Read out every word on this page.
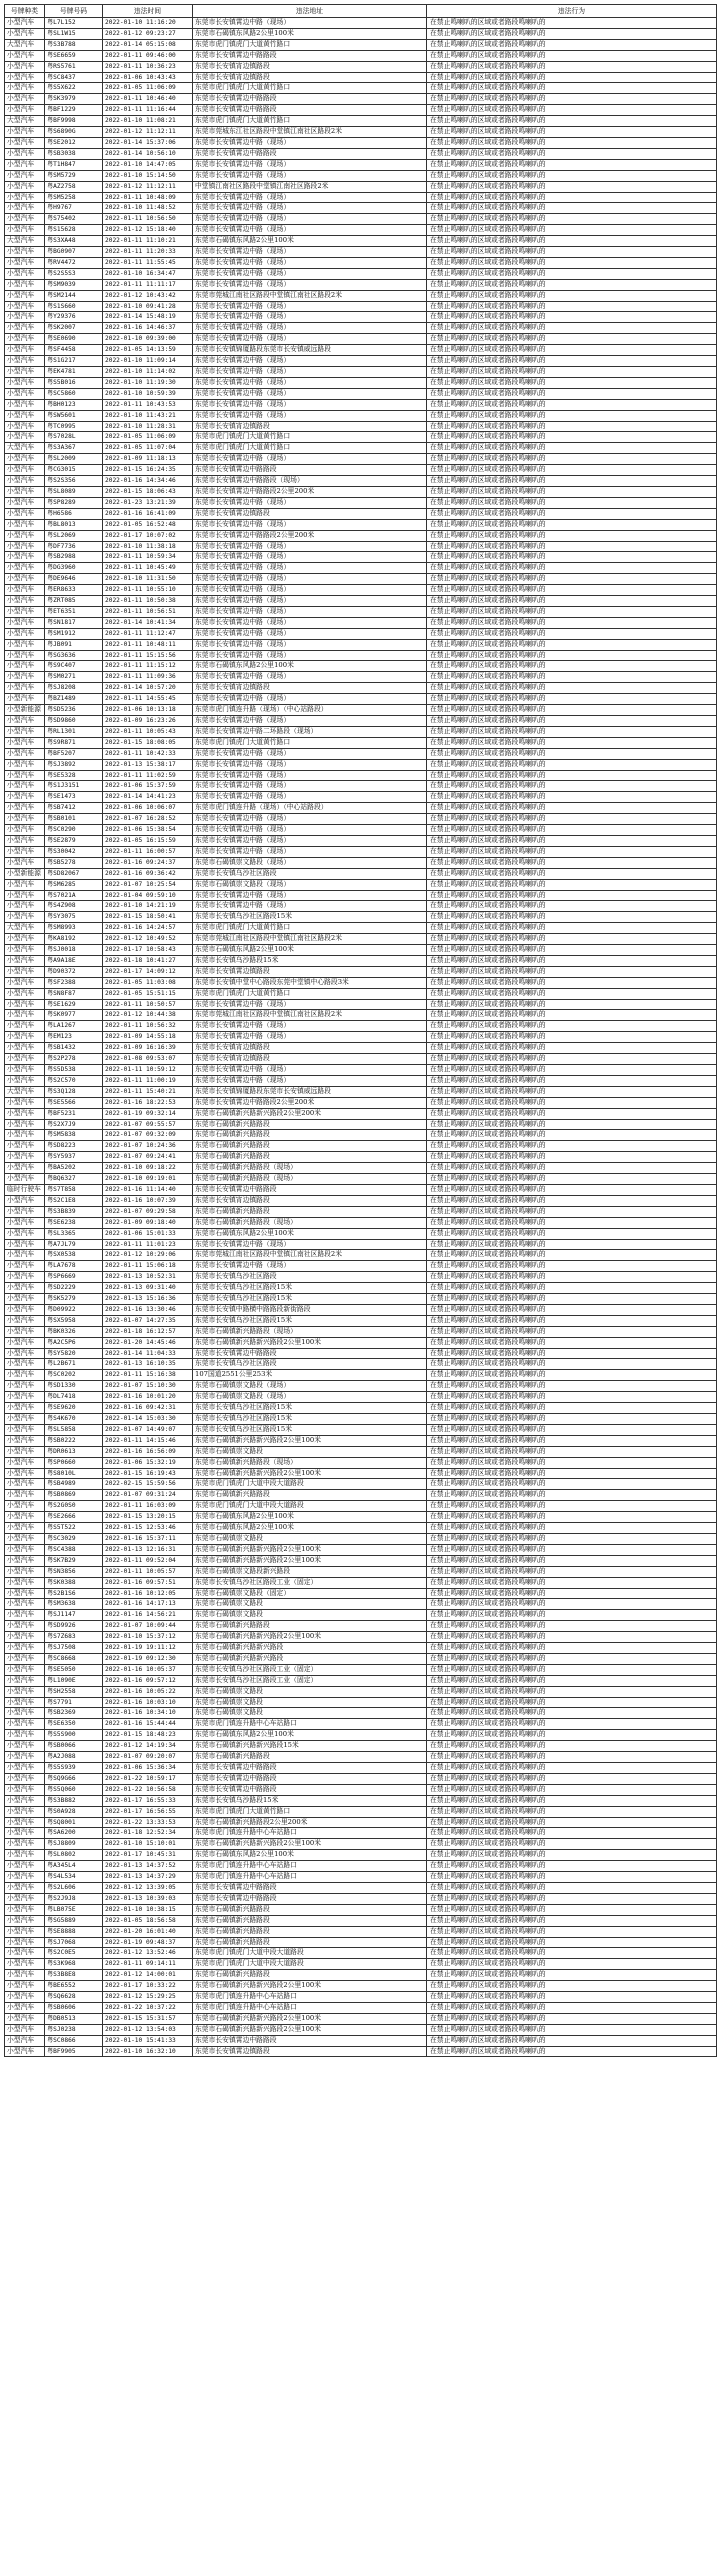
号牌种类	号牌号码	违法时间	违法地址	违法行为
小型汽车	粤L7L152	2022-01-10 11:16:20	东莞市长安镇霄边中路（现场）	在禁止鸣喇叭的区域或者路段鸣喇叭的
小型汽车	粤SL1W15	2022-01-12 09:23:27	东莞市石碣镇东风路2公里100米	在禁止鸣喇叭的区域或者路段鸣喇叭的
大型汽车	粤S3B788	2022-01-14 05:15:08	东莞市虎门镇虎门大道黄竹路口	在禁止鸣喇叭的区域或者路段鸣喇叭的
小型汽车	粤SE6659	2022-01-11 09:46:00	东莞市长安镇霄边中路路段	在禁止鸣喇叭的区域或者路段鸣喇叭的
小型汽车	粤RS5761	2022-01-11 10:36:23	东莞市长安镇宵边镇路段	在禁止鸣喇叭的区域或者路段鸣喇叭的
小型汽车	粤SC8437	2022-01-06 10:43:43	东莞市长安镇宵边镇路段	在禁止鸣喇叭的区域或者路段鸣喇叭的
小型汽车	粤S5X622	2022-01-05 11:06:09	东莞市虎门镇虎门大道黄竹路口	在禁止鸣喇叭的区域或者路段鸣喇叭的
小型汽车	粤SK3979	2022-01-11 10:46:40	东莞市长安镇霄边中路路段	在禁止鸣喇叭的区域或者路段鸣喇叭的
小型汽车	粤BF1229	2022-01-11 11:16:44	东莞市长安镇霄边中路路段	在禁止鸣喇叭的区域或者路段鸣喇叭的
大型汽车	粤BF9998	2022-01-10 11:08:21	东莞市虎门镇虎门大道黄竹路口	在禁止鸣喇叭的区域或者路段鸣喇叭的
小型汽车	粤S6890G	2022-01-12 11:12:11	东莞市莞城东江社区路段中堂镇江南社区路段2米	在禁止鸣喇叭的区域或者路段鸣喇叭的
小型汽车	粤SE2012	2022-01-14 15:37:06	东莞市长安镇霄边中路（现场）	在禁止鸣喇叭的区域或者路段鸣喇叭的
小型汽车	粤SB3038	2022-01-14 10:56:10	东莞市长安镇霄边中路路段	在禁止鸣喇叭的区域或者路段鸣喇叭的
小型汽车	粤T1H847	2022-01-10 14:47:05	东莞市长安镇霄边中路（现场）	在禁止鸣喇叭的区域或者路段鸣喇叭的
小型汽车	粤SM5729	2022-01-10 15:14:50	东莞市长安镇霄边中路（现场）	在禁止鸣喇叭的区域或者路段鸣喇叭的
小型汽车	粤AZ2758	2022-01-12 11:12:11	中堂镇江南社区路段中堂镇江南社区路段2米	在禁止鸣喇叭的区域或者路段鸣喇叭的
小型汽车	粤SM5258	2022-01-11 10:48:09	东莞市长安镇霄边中路（现场）	在禁止鸣喇叭的区域或者路段鸣喇叭的
小型汽车	粤H9767	2022-01-10 11:48:52	东莞市长安镇霄边中路（现场）	在禁止鸣喇叭的区域或者路段鸣喇叭的
小型汽车	粤S75402	2022-01-11 10:56:50	东莞市长安镇霄边中路（现场）	在禁止鸣喇叭的区域或者路段鸣喇叭的
小型汽车	粤S15628	2022-01-12 15:18:40	东莞市长安镇霄边中路（现场）	在禁止鸣喇叭的区域或者路段鸣喇叭的
大型汽车	粤S3XA48	2022-01-11 11:10:21	东莞市石碣镇东风路2公里100米	在禁止鸣喇叭的区域或者路段鸣喇叭的
小型汽车	粤BG0907	2022-01-11 11:20:33	东莞市长安镇霄边中路（现场）	在禁止鸣喇叭的区域或者路段鸣喇叭的
小型汽车	粤RV4472	2022-01-11 11:55:45	东莞市长安镇霄边中路（现场）	在禁止鸣喇叭的区域或者路段鸣喇叭的
小型汽车	粤S2S5S3	2022-01-10 16:34:47	东莞市长安镇霄边中路（现场）	在禁止鸣喇叭的区域或者路段鸣喇叭的
小型汽车	粤SM9039	2022-01-11 11:11:17	东莞市长安镇霄边中路（现场）	在禁止鸣喇叭的区域或者路段鸣喇叭的
小型汽车	粤SM2144	2022-01-12 10:43:42	东莞市莞城江南社区路段中堂镇江南社区路段2米	在禁止鸣喇叭的区域或者路段鸣喇叭的
小型汽车	粤S1S660	2022-01-10 09:41:28	东莞市长安镇霄边中路（现场）	在禁止鸣喇叭的区域或者路段鸣喇叭的
小型汽车	粤Y29376	2022-01-14 15:48:19	东莞市长安镇霄边中路（现场）	在禁止鸣喇叭的区域或者路段鸣喇叭的
小型汽车	粤SK2007	2022-01-16 14:46:37	东莞市长安镇霄边中路（现场）	在禁止鸣喇叭的区域或者路段鸣喇叭的
小型汽车	粤SE0690	2022-01-10 09:39:00	东莞市长安镇霄边中路（现场）	在禁止鸣喇叭的区域或者路段鸣喇叭的
小型汽车	粤SF4458	2022-01-05 14:13:59	东莞市长安镇锦厦路段东莞市长安镇威远路段	在禁止鸣喇叭的区域或者路段鸣喇叭的
小型汽车	粤S1G217	2022-01-10 11:09:14	东莞市长安镇霄边中路（现场）	在禁止鸣喇叭的区域或者路段鸣喇叭的
小型汽车	粤EK4781	2022-01-10 11:14:02	东莞市长安镇霄边中路（现场）	在禁止鸣喇叭的区域或者路段鸣喇叭的
小型汽车	粤S5B016	2022-01-10 11:19:30	东莞市长安镇霄边中路（现场）	在禁止鸣喇叭的区域或者路段鸣喇叭的
小型汽车	粤SC5860	2022-01-10 10:59:39	东莞市长安镇霄边中路（现场）	在禁止鸣喇叭的区域或者路段鸣喇叭的
小型汽车	粤BH0123	2022-01-11 10:43:53	东莞市长安镇霄边中路（现场）	在禁止鸣喇叭的区域或者路段鸣喇叭的
小型汽车	粤SW5601	2022-01-10 11:43:21	东莞市长安镇霄边中路（现场）	在禁止鸣喇叭的区域或者路段鸣喇叭的
小型汽车	粤TC0995	2022-01-10 11:28:31	东莞市长安镇宵边镇路段	在禁止鸣喇叭的区域或者路段鸣喇叭的
小型汽车	粤S7028L	2022-01-05 11:06:09	东莞市虎门镇虎门大道黄竹路口	在禁止鸣喇叭的区域或者路段鸣喇叭的
大型汽车	粤S3A367	2022-01-05 11:07:04	东莞市虎门镇虎门大道黄竹路口	在禁止鸣喇叭的区域或者路段鸣喇叭的
小型汽车	粤SL2009	2022-01-09 11:18:13	东莞市长安镇霄边中路（现场）	在禁止鸣喇叭的区域或者路段鸣喇叭的
小型汽车	粤CG3015	2022-01-15 16:24:35	东莞市长安镇霄边中路路段	在禁止鸣喇叭的区域或者路段鸣喇叭的
小型汽车	粤S2S356	2022-01-16 14:34:46	东莞市长安镇霄边中路路段（现场）	在禁止鸣喇叭的区域或者路段鸣喇叭的
小型汽车	粤SL8089	2022-01-15 18:06:43	东莞市长安镇霄边中路路段2公里200米	在禁止鸣喇叭的区域或者路段鸣喇叭的
小型汽车	粤SP8289	2022-01-23 13:21:39	东莞市长安镇霄边中路（现场）	在禁止鸣喇叭的区域或者路段鸣喇叭的
小型汽车	粤H6586	2022-01-16 16:41:09	东莞市长安镇霄边镇路段	在禁止鸣喇叭的区域或者路段鸣喇叭的
小型汽车	粤BL8013	2022-01-05 16:52:48	东莞市长安镇霄边中路（现场）	在禁止鸣喇叭的区域或者路段鸣喇叭的
小型汽车	粤SL2069	2022-01-17 10:07:02	东莞市长安镇霄边中路路段2公里200米	在禁止鸣喇叭的区域或者路段鸣喇叭的
小型汽车	粤DF7736	2022-01-10 11:38:18	东莞市长安镇霄边中路（现场）	在禁止鸣喇叭的区域或者路段鸣喇叭的
小型汽车	粤SB2988	2022-01-11 10:59:34	东莞市长安镇霄边中路（现场）	在禁止鸣喇叭的区域或者路段鸣喇叭的
小型汽车	粤DG3960	2022-01-11 10:45:49	东莞市长安镇霄边中路（现场）	在禁止鸣喇叭的区域或者路段鸣喇叭的
小型汽车	粤DE9646	2022-01-10 11:31:50	东莞市长安镇霄边中路（现场）	在禁止鸣喇叭的区域或者路段鸣喇叭的
小型汽车	粤ER8633	2022-01-11 10:55:10	东莞市长安镇霄边中路（现场）	在禁止鸣喇叭的区域或者路段鸣喇叭的
小型汽车	粤ZRT085	2022-01-11 10:50:38	东莞市长安镇霄边中路（现场）	在禁止鸣喇叭的区域或者路段鸣喇叭的
小型汽车	粤ET6351	2022-01-11 10:56:51	东莞市长安镇霄边中路（现场）	在禁止鸣喇叭的区域或者路段鸣喇叭的
小型汽车	粤SN1817	2022-01-14 10:41:34	东莞市长安镇霄边中路（现场）	在禁止鸣喇叭的区域或者路段鸣喇叭的
小型汽车	粤SM1912	2022-01-11 11:12:47	东莞市长安镇霄边中路（现场）	在禁止鸣喇叭的区域或者路段鸣喇叭的
小型汽车	粤JB091	2022-01-11 10:48:11	东莞市长安镇霄边中路（现场）	在禁止鸣喇叭的区域或者路段鸣喇叭的
小型汽车	粤SG3636	2022-01-11 15:15:56	东莞市长安镇霄边中路（现场）	在禁止鸣喇叭的区域或者路段鸣喇叭的
小型汽车	粤S9C407	2022-01-11 11:15:12	东莞市石碣镇东风路2公里100米	在禁止鸣喇叭的区域或者路段鸣喇叭的
小型汽车	粤SM0271	2022-01-11 11:09:36	东莞市长安镇霄边中路（现场）	在禁止鸣喇叭的区域或者路段鸣喇叭的
小型汽车	粤SJ8208	2022-01-14 10:57:20	东莞市长安镇宵边镇路段	在禁止鸣喇叭的区域或者路段鸣喇叭的
小型汽车	粤BZ1489	2022-01-11 14:55:45	东莞市长安镇霄边中路（现场）	在禁止鸣喇叭的区域或者路段鸣喇叭的
小型新能源	粤SD5236	2022-01-06 10:13:18	东莞市虎门镇连升路（现场）（中心站路段）	在禁止鸣喇叭的区域或者路段鸣喇叭的
小型汽车	粤SD9860	2022-01-09 16:23:26	东莞市长安镇霄边中路（现场）	在禁止鸣喇叭的区域或者路段鸣喇叭的
小型汽车	粤RL1301	2022-01-11 10:05:43	东莞市长安镇霄边中路二环路段（现场）	在禁止鸣喇叭的区域或者路段鸣喇叭的
小型汽车	粤S9R871	2022-01-15 18:08:05	东莞市虎门镇虎门大道黄竹路口	在禁止鸣喇叭的区域或者路段鸣喇叭的
小型汽车	粤BF5207	2022-01-11 10:42:33	东莞市长安镇霄边中路（现场）	在禁止鸣喇叭的区域或者路段鸣喇叭的
小型汽车	粤SJ3892	2022-01-13 15:38:17	东莞市长安镇霄边中路（现场）	在禁止鸣喇叭的区域或者路段鸣喇叭的
小型汽车	粤SE5328	2022-01-11 11:02:59	东莞市长安镇霄边中路（现场）	在禁止鸣喇叭的区域或者路段鸣喇叭的
小型汽车	粤S1J3151	2022-01-06 15:37:59	东莞市长安镇霄边中路（现场）	在禁止鸣喇叭的区域或者路段鸣喇叭的
小型汽车	粤SE1473	2022-01-14 14:41:23	东莞市长安镇霄边中路（现场）	在禁止鸣喇叭的区域或者路段鸣喇叭的
小型汽车	粤SB7412	2022-01-06 10:06:07	东莞市虎门镇连升路（现场）（中心站路段）	在禁止鸣喇叭的区域或者路段鸣喇叭的
小型汽车	粤SB0101	2022-01-07 16:28:52	东莞市长安镇霄边中路（现场）	在禁止鸣喇叭的区域或者路段鸣喇叭的
小型汽车	粤SC0290	2022-01-06 15:38:54	东莞市长安镇霄边中路（现场）	在禁止鸣喇叭的区域或者路段鸣喇叭的
小型汽车	粤SE2879	2022-01-05 16:15:59	东莞市长安镇霄边中路（现场）	在禁止鸣喇叭的区域或者路段鸣喇叭的
小型汽车	粤S30042	2022-01-11 16:00:57	东莞市长安镇霄边中路（现场）	在禁止鸣喇叭的区域或者路段鸣喇叭的
小型汽车	粤SB5278	2022-01-16 09:24:37	东莞市石碣镇崇文路段（现场）	在禁止鸣喇叭的区域或者路段鸣喇叭的
小型新能源	粤SD82067	2022-01-16 09:36:42	东莞市长安镇乌沙社区路段	在禁止鸣喇叭的区域或者路段鸣喇叭的
小型汽车	粤SM6285	2022-01-07 10:25:54	东莞市石碣镇崇文路段（现场）	在禁止鸣喇叭的区域或者路段鸣喇叭的
小型汽车	粤S7021A	2022-01-04 09:59:10	东莞市长安镇霄边中路（现场）	在禁止鸣喇叭的区域或者路段鸣喇叭的
小型汽车	粤S4Z908	2022-01-10 14:21:19	东莞市长安镇霄边中路（现场）	在禁止鸣喇叭的区域或者路段鸣喇叭的
小型汽车	粤SY3075	2022-01-15 18:50:41	东莞市长安镇乌沙社区路段15米	在禁止鸣喇叭的区域或者路段鸣喇叭的
大型汽车	粤SM8993	2022-01-16 14:24:57	东莞市虎门镇虎门大道黄竹路口	在禁止鸣喇叭的区域或者路段鸣喇叭的
小型汽车	粤KA8192	2022-01-12 10:49:52	东莞市莞城江南社区路段中堂镇江南社区路段2米	在禁止鸣喇叭的区域或者路段鸣喇叭的
小型汽车	粤SJ0018	2022-01-17 10:58:43	东莞市石碣镇东风路2公里100米	在禁止鸣喇叭的区域或者路段鸣喇叭的
小型汽车	粤A9A18E	2022-01-18 10:41:27	东莞市长安镇乌沙路段15米	在禁止鸣喇叭的区域或者路段鸣喇叭的
小型汽车	粤D90372	2022-01-17 14:09:12	东莞市长安镇霄边镇路段	在禁止鸣喇叭的区域或者路段鸣喇叭的
小型汽车	粤SF2388	2022-01-05 11:03:08	东莞市长安镇中堂中心路段东莞中堂镇中心路段3米	在禁止鸣喇叭的区域或者路段鸣喇叭的
小型汽车	粤SN8F87	2022-01-05 15:51:15	东莞市虎门镇虎门大道黄竹路口	在禁止鸣喇叭的区域或者路段鸣喇叭的
小型汽车	粤SE1629	2022-01-11 10:50:57	东莞市长安镇霄边中路（现场）	在禁止鸣喇叭的区域或者路段鸣喇叭的
小型汽车	粤SK0977	2022-01-12 10:44:38	东莞市莞城江南社区路段中堂镇江南社区路段2米	在禁止鸣喇叭的区域或者路段鸣喇叭的
小型汽车	粤LA1267	2022-01-11 10:56:32	东莞市长安镇霄边中路（现场）	在禁止鸣喇叭的区域或者路段鸣喇叭的
小型汽车	粤EM123	2022-01-09 14:55:18	东莞市长安镇霄边中路（现场）	在禁止鸣喇叭的区域或者路段鸣喇叭的
小型汽车	粤SB1432	2022-01-09 16:16:39	东莞市长安镇宵边镇路段	在禁止鸣喇叭的区域或者路段鸣喇叭的
小型汽车	粤S2P278	2022-01-08 09:53:07	东莞市长安镇宵边镇路段	在禁止鸣喇叭的区域或者路段鸣喇叭的
小型汽车	粤S5D538	2022-01-11 10:59:12	东莞市长安镇霄边中路（现场）	在禁止鸣喇叭的区域或者路段鸣喇叭的
小型汽车	粤S2C570	2022-01-11 11:00:19	东莞市长安镇霄边中路（现场）	在禁止鸣喇叭的区域或者路段鸣喇叭的
大型汽车	粤S3Q128	2022-01-11 15:40:21	东莞市长安镇锦厦路段东莞市长安镇威远路段	在禁止鸣喇叭的区域或者路段鸣喇叭的
小型汽车	粤SE5566	2022-01-16 18:22:53	东莞市长安镇霄边中路路段2公里200米	在禁止鸣喇叭的区域或者路段鸣喇叭的
小型汽车	粤BF5231	2022-01-19 09:32:14	东莞市石碣镇新兴路新兴路段2公里200米	在禁止鸣喇叭的区域或者路段鸣喇叭的
小型汽车	粤S2X7J9	2022-01-07 09:55:57	东莞市石碣镇新兴路路段	在禁止鸣喇叭的区域或者路段鸣喇叭的
小型汽车	粤SM5838	2022-01-07 09:32:09	东莞市石碣镇新兴路路段	在禁止鸣喇叭的区域或者路段鸣喇叭的
小型汽车	粤SD8223	2022-01-07 10:24:36	东莞市石碣镇新兴路路段	在禁止鸣喇叭的区域或者路段鸣喇叭的
小型汽车	粤SY5937	2022-01-07 09:24:41	东莞市石碣镇新兴路路段	在禁止鸣喇叭的区域或者路段鸣喇叭的
小型汽车	粤BA5202	2022-01-10 09:18:22	东莞市石碣镇新兴路路段（现场）	在禁止鸣喇叭的区域或者路段鸣喇叭的
小型汽车	粤BQ6327	2022-01-10 09:19:01	东莞市石碣镇新兴路路段（现场）	在禁止鸣喇叭的区域或者路段鸣喇叭的
临时行驶车	粤S7T858	2022-01-16 11:14:40	东莞市长安镇霄边中路路段	在禁止鸣喇叭的区域或者路段鸣喇叭的
小型汽车	粤S2C1E8	2022-01-16 10:07:39	东莞市长安镇宵边镇路段	在禁止鸣喇叭的区域或者路段鸣喇叭的
小型汽车	粤S3B839	2022-01-07 09:29:58	东莞市石碣镇新兴路路段	在禁止鸣喇叭的区域或者路段鸣喇叭的
小型汽车	粤SE6238	2022-01-09 09:18:40	东莞市石碣镇新兴路路段（现场）	在禁止鸣喇叭的区域或者路段鸣喇叭的
小型汽车	粤SL3365	2022-01-06 15:01:33	东莞市石碣镇东风路2公里100米	在禁止鸣喇叭的区域或者路段鸣喇叭的
小型汽车	粤A7JL79	2022-01-11 11:01:23	东莞市长安镇霄边中路（现场）	在禁止鸣喇叭的区域或者路段鸣喇叭的
小型汽车	粤SX0538	2022-01-12 10:29:06	东莞市莞城江南社区路段中堂镇江南社区路段2米	在禁止鸣喇叭的区域或者路段鸣喇叭的
小型汽车	粤LA7678	2022-01-11 15:06:18	东莞市长安镇霄边中路（现场）	在禁止鸣喇叭的区域或者路段鸣喇叭的
小型汽车	粤SP6669	2022-01-13 10:52:31	东莞市长安镇乌沙社区路段	在禁止鸣喇叭的区域或者路段鸣喇叭的
小型汽车	粤SD2229	2022-01-13 09:31:40	东莞市长安镇乌沙社区路段15米	在禁止鸣喇叭的区域或者路段鸣喇叭的
小型汽车	粤SK5279	2022-01-13 15:16:36	东莞市长安镇乌沙社区路段15米	在禁止鸣喇叭的区域或者路段鸣喇叭的
小型汽车	粤D09922	2022-01-16 13:30:46	东莞市长安镇中路横中路路段新街路段	在禁止鸣喇叭的区域或者路段鸣喇叭的
小型汽车	粤SX5958	2022-01-07 14:27:35	东莞市长安镇乌沙社区路段15米	在禁止鸣喇叭的区域或者路段鸣喇叭的
小型汽车	粤BK0326	2022-01-18 16:12:57	东莞市石碣镇新兴路路段（现场）	在禁止鸣喇叭的区域或者路段鸣喇叭的
小型汽车	粤A2C5P6	2022-01-20 14:45:46	东莞市石碣镇新兴路新兴路段2公里100米	在禁止鸣喇叭的区域或者路段鸣喇叭的
小型汽车	粤SY5820	2022-01-14 11:04:33	东莞市长安镇霄边中路路段	在禁止鸣喇叭的区域或者路段鸣喇叭的
小型汽车	粤L2B671	2022-01-13 16:10:35	东莞市长安镇乌沙社区路段	在禁止鸣喇叭的区域或者路段鸣喇叭的
小型汽车	粤SC0202	2022-01-11 15:16:38	107国道2551公里253米	在禁止鸣喇叭的区域或者路段鸣喇叭的
小型汽车	粤SD1330	2022-01-07 15:10:30	东莞市石碣镇崇文路段（现场）	在禁止鸣喇叭的区域或者路段鸣喇叭的
小型汽车	粤DL7418	2022-01-16 10:01:20	东莞市石碣镇崇文路段（现场）	在禁止鸣喇叭的区域或者路段鸣喇叭的
小型汽车	粤SE9620	2022-01-16 09:42:31	东莞市长安镇乌沙社区路段15米	在禁止鸣喇叭的区域或者路段鸣喇叭的
小型汽车	粤S4K670	2022-01-14 15:03:30	东莞市长安镇乌沙社区路段15米	在禁止鸣喇叭的区域或者路段鸣喇叭的
小型汽车	粤SL5858	2022-01-07 14:49:07	东莞市长安镇乌沙社区路段15米	在禁止鸣喇叭的区域或者路段鸣喇叭的
小型汽车	粤SB0222	2022-01-11 14:15:46	东莞市石碣镇新兴路新兴路段2公里100米	在禁止鸣喇叭的区域或者路段鸣喇叭的
小型汽车	粤DR0613	2022-01-16 16:56:09	东莞市石碣镇崇文路段	在禁止鸣喇叭的区域或者路段鸣喇叭的
小型汽车	粤SP0660	2022-01-06 15:32:19	东莞市石碣镇新兴路路段（现场）	在禁止鸣喇叭的区域或者路段鸣喇叭的
小型汽车	粤S8010L	2022-01-15 16:19:43	东莞市石碣镇新兴路新兴路段2公里100米	在禁止鸣喇叭的区域或者路段鸣喇叭的
小型汽车	粤SB4989	2022-02-15 15:59:56	东莞市虎门镇虎门大道中段大道路段	在禁止鸣喇叭的区域或者路段鸣喇叭的
小型汽车	粤SB0869	2022-01-07 09:31:24	东莞市石碣镇新兴路路段	在禁止鸣喇叭的区域或者路段鸣喇叭的
小型汽车	粤S2G0S0	2022-01-11 16:03:09	东莞市虎门镇虎门大道中段大道路段	在禁止鸣喇叭的区域或者路段鸣喇叭的
小型汽车	粤SE2666	2022-01-15 13:20:15	东莞市石碣镇东风路2公里100米	在禁止鸣喇叭的区域或者路段鸣喇叭的
小型汽车	粤S5T522	2022-01-15 12:53:46	东莞市石碣镇东风路2公里100米	在禁止鸣喇叭的区域或者路段鸣喇叭的
小型汽车	粤SC3029	2022-01-16 15:37:11	东莞市石碣镇崇文路段	在禁止鸣喇叭的区域或者路段鸣喇叭的
小型汽车	粤SC4388	2022-01-13 12:16:31	东莞市石碣镇新兴路新兴路段2公里100米	在禁止鸣喇叭的区域或者路段鸣喇叭的
小型汽车	粤SK7B29	2022-01-11 09:52:04	东莞市石碣镇新兴路新兴路段2公里100米	在禁止鸣喇叭的区域或者路段鸣喇叭的
小型汽车	粤SN3856	2022-01-11 10:05:57	东莞市石碣镇崇文路段新兴路段	在禁止鸣喇叭的区域或者路段鸣喇叭的
小型汽车	粤SK0388	2022-01-16 09:57:51	东莞市长安镇乌沙社区路段工业（固定）	在禁止鸣喇叭的区域或者路段鸣喇叭的
小型汽车	粤S2B1S6	2022-01-16 10:12:05	东莞市石碣镇崇文路段（固定）	在禁止鸣喇叭的区域或者路段鸣喇叭的
小型汽车	粤SM3638	2022-01-16 14:17:13	东莞市石碣镇崇文路段	在禁止鸣喇叭的区域或者路段鸣喇叭的
小型汽车	粤SJ1147	2022-01-16 14:56:21	东莞市石碣镇崇文路段	在禁止鸣喇叭的区域或者路段鸣喇叭的
小型汽车	粤SD9926	2022-01-07 10:09:44	东莞市石碣镇新兴路路段	在禁止鸣喇叭的区域或者路段鸣喇叭的
小型汽车	粤S7Z683	2022-01-10 15:37:12	东莞市石碣镇新兴路新兴路段2公里100米	在禁止鸣喇叭的区域或者路段鸣喇叭的
小型汽车	粤SJ7508	2022-01-19 19:11:12	东莞市石碣镇新兴路新兴路段	在禁止鸣喇叭的区域或者路段鸣喇叭的
小型汽车	粤SC8668	2022-01-19 09:12:30	东莞市石碣镇新兴路新兴路段	在禁止鸣喇叭的区域或者路段鸣喇叭的
小型汽车	粤SE5050	2022-01-16 10:05:37	东莞市长安镇乌沙社区路段工业（固定）	在禁止鸣喇叭的区域或者路段鸣喇叭的
小型汽车	粤L1090E	2022-01-16 09:57:12	东莞市长安镇乌沙社区路段工业（固定）	在禁止鸣喇叭的区域或者路段鸣喇叭的
小型汽车	粤SH2558	2022-01-16 10:05:22	东莞市石碣镇崇文路段	在禁止鸣喇叭的区域或者路段鸣喇叭的
小型汽车	粤S7791	2022-01-16 10:03:10	东莞市石碣镇崇文路段	在禁止鸣喇叭的区域或者路段鸣喇叭的
小型汽车	粤SB2369	2022-01-16 10:34:10	东莞市石碣镇崇文路段	在禁止鸣喇叭的区域或者路段鸣喇叭的
小型汽车	粤SE6350	2022-01-16 15:44:44	东莞市虎门镇连升路中心车站路口	在禁止鸣喇叭的区域或者路段鸣喇叭的
小型汽车	粤S5S900	2022-01-15 18:48:23	东莞市石碣镇东风路2公里100米	在禁止鸣喇叭的区域或者路段鸣喇叭的
小型汽车	粤SB0066	2022-01-12 14:19:34	东莞市石碣镇新兴路新兴路段15米	在禁止鸣喇叭的区域或者路段鸣喇叭的
小型汽车	粤A2J088	2022-01-07 09:20:07	东莞市石碣镇新兴路路段	在禁止鸣喇叭的区域或者路段鸣喇叭的
小型汽车	粤S5S939	2022-01-06 15:36:34	东莞市长安镇霄边中路路段	在禁止鸣喇叭的区域或者路段鸣喇叭的
小型汽车	粤SQ9G66	2022-01-22 10:59:17	东莞市长安镇霄边中路路段	在禁止鸣喇叭的区域或者路段鸣喇叭的
小型汽车	粤S5Q060	2022-01-22 10:56:58	东莞市长安镇霄边中路路段	在禁止鸣喇叭的区域或者路段鸣喇叭的
小型汽车	粤S3B882	2022-01-17 16:55:33	东莞市长安镇乌沙路段15米	在禁止鸣喇叭的区域或者路段鸣喇叭的
小型汽车	粤S0A928	2022-01-17 16:56:55	东莞市虎门镇虎门大道黄竹路口	在禁止鸣喇叭的区域或者路段鸣喇叭的
小型汽车	粤SQ8001	2022-01-22 13:33:53	东莞市石碣镇新兴路路段2公里200米	在禁止鸣喇叭的区域或者路段鸣喇叭的
小型汽车	粤SA6200	2022-01-18 12:52:34	东莞市虎门镇连升路中心车站路口	在禁止鸣喇叭的区域或者路段鸣喇叭的
小型汽车	粤SJ8809	2022-01-10 15:10:01	东莞市石碣镇新兴路新兴路段2公里100米	在禁止鸣喇叭的区域或者路段鸣喇叭的
小型汽车	粤SL0802	2022-01-17 10:45:31	东莞市石碣镇东风路2公里100米	在禁止鸣喇叭的区域或者路段鸣喇叭的
小型汽车	粤A345L4	2022-01-13 14:37:52	东莞市虎门镇连升路中心车站路口	在禁止鸣喇叭的区域或者路段鸣喇叭的
小型汽车	粤S4L534	2022-01-13 14:37:29	东莞市虎门镇连升路中心车站路口	在禁止鸣喇叭的区域或者路段鸣喇叭的
小型汽车	粤S2L606	2022-01-12 13:39:05	东莞市长安镇霄边中路路段	在禁止鸣喇叭的区域或者路段鸣喇叭的
小型汽车	粤S2J9J8	2022-01-13 10:39:03	东莞市长安镇霄边中路路段	在禁止鸣喇叭的区域或者路段鸣喇叭的
小型汽车	粤LB075E	2022-01-10 10:38:15	东莞市石碣镇新兴路路段	在禁止鸣喇叭的区域或者路段鸣喇叭的
小型汽车	粤SG5889	2022-01-05 18:56:58	东莞市石碣镇新兴路路段	在禁止鸣喇叭的区域或者路段鸣喇叭的
小型汽车	粤SE8888	2022-01-20 16:01:40	东莞市石碣镇新兴路路段	在禁止鸣喇叭的区域或者路段鸣喇叭的
小型汽车	粤SJ7068	2022-01-19 09:48:37	东莞市石碣镇新兴路路段	在禁止鸣喇叭的区域或者路段鸣喇叭的
小型汽车	粤S2C0E5	2022-01-12 13:52:46	东莞市虎门镇虎门大道中段大道路段	在禁止鸣喇叭的区域或者路段鸣喇叭的
小型汽车	粤S3K968	2022-01-11 09:14:11	东莞市虎门镇虎门大道中段大道路段	在禁止鸣喇叭的区域或者路段鸣喇叭的
小型汽车	粤S3B8E8	2022-01-12 14:00:01	东莞市石碣镇新兴路路段	在禁止鸣喇叭的区域或者路段鸣喇叭的
小型汽车	粤BE6552	2022-01-17 10:33:22	东莞市石碣镇新兴路新兴路段2公里100米	在禁止鸣喇叭的区域或者路段鸣喇叭的
小型汽车	粤SQ6628	2022-01-12 15:29:25	东莞市虎门镇连升路中心车站路口	在禁止鸣喇叭的区域或者路段鸣喇叭的
小型汽车	粤SB0606	2022-01-22 10:37:22	东莞市虎门镇连升路中心车站路口	在禁止鸣喇叭的区域或者路段鸣喇叭的
小型汽车	粤DB0513	2022-01-15 15:31:57	东莞市石碣镇新兴路新兴路段2公里100米	在禁止鸣喇叭的区域或者路段鸣喇叭的
小型汽车	粤SJ0238	2022-01-12 13:54:03	东莞市石碣镇新兴路新兴路段2公里100米	在禁止鸣喇叭的区域或者路段鸣喇叭的
小型汽车	粤SC0866	2022-01-10 15:41:33	东莞市长安镇霄边中路路段	在禁止鸣喇叭的区域或者路段鸣喇叭的
小型汽车	粤BF9905	2022-01-10 16:32:10	东莞市长安镇霄边镇路段	在禁止鸣喇叭的区域或者路段鸣喇叭的
